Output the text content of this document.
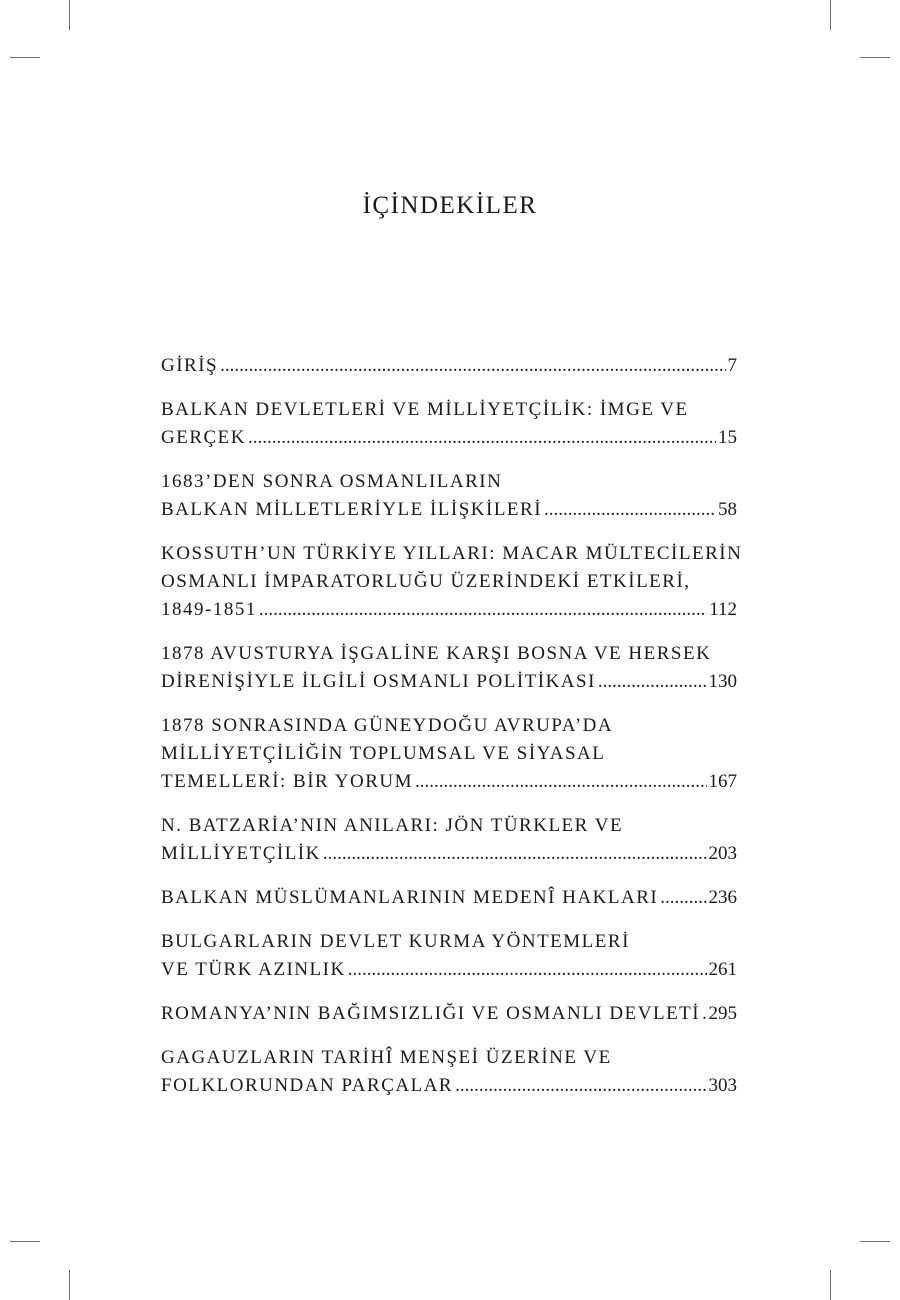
İÇİNDEKİLER
GİRİŞ .....	7
BALKAN DEVLETLERİ VE MİLLİYETÇİLİK: İMGE VE
GERÇEK .....	15
1683’DEN SONRA OSMANLILARIN
BALKAN MİLLETLERİYLE İLİŞKİLERİ .....	58
KOSSUTH’UN TÜRKİYE YILLARI: MACAR MÜLTECİLERİN
OSMANLI İMPARATORLUĞU ÜZERİNDEKİ ETKİLERİ,
1849-1851 .....	112
1878 AVUSTURYA İŞGALİNE KARŞI BOSNA VE HERSEK
DİRENİŞİYLE İLGİLİ OSMANLI POLİTİKASI .....	130
1878 SONRASINDA GÜNEYDOĞU AVRUPA’DA
MİLLİYETÇİLİĞİN TOPLUMSAL VE SİYASAL
TEMELLERİ: BİR YORUM .....	167
N. BATZARİA’NIN ANILARI: JÖN TÜRKLER VE
MİLLİYETÇİLİK .....	203
BALKAN MÜSLÜMANLARININ MEDENÎ HAKLARI .....	236
BULGARLARIN DEVLET KURMA YÖNTEMLERİ
VE TÜRK AZINLIK .....	261
ROMANYA’NIN BAĞIMSIZLIĞI VE OSMANLI DEVLETİ ..... 295
GAGAUZLARIN TARİHÎ MENŞEİ ÜZERİNE VE
FOLKLORUNDAN PARÇALAR .....	303
